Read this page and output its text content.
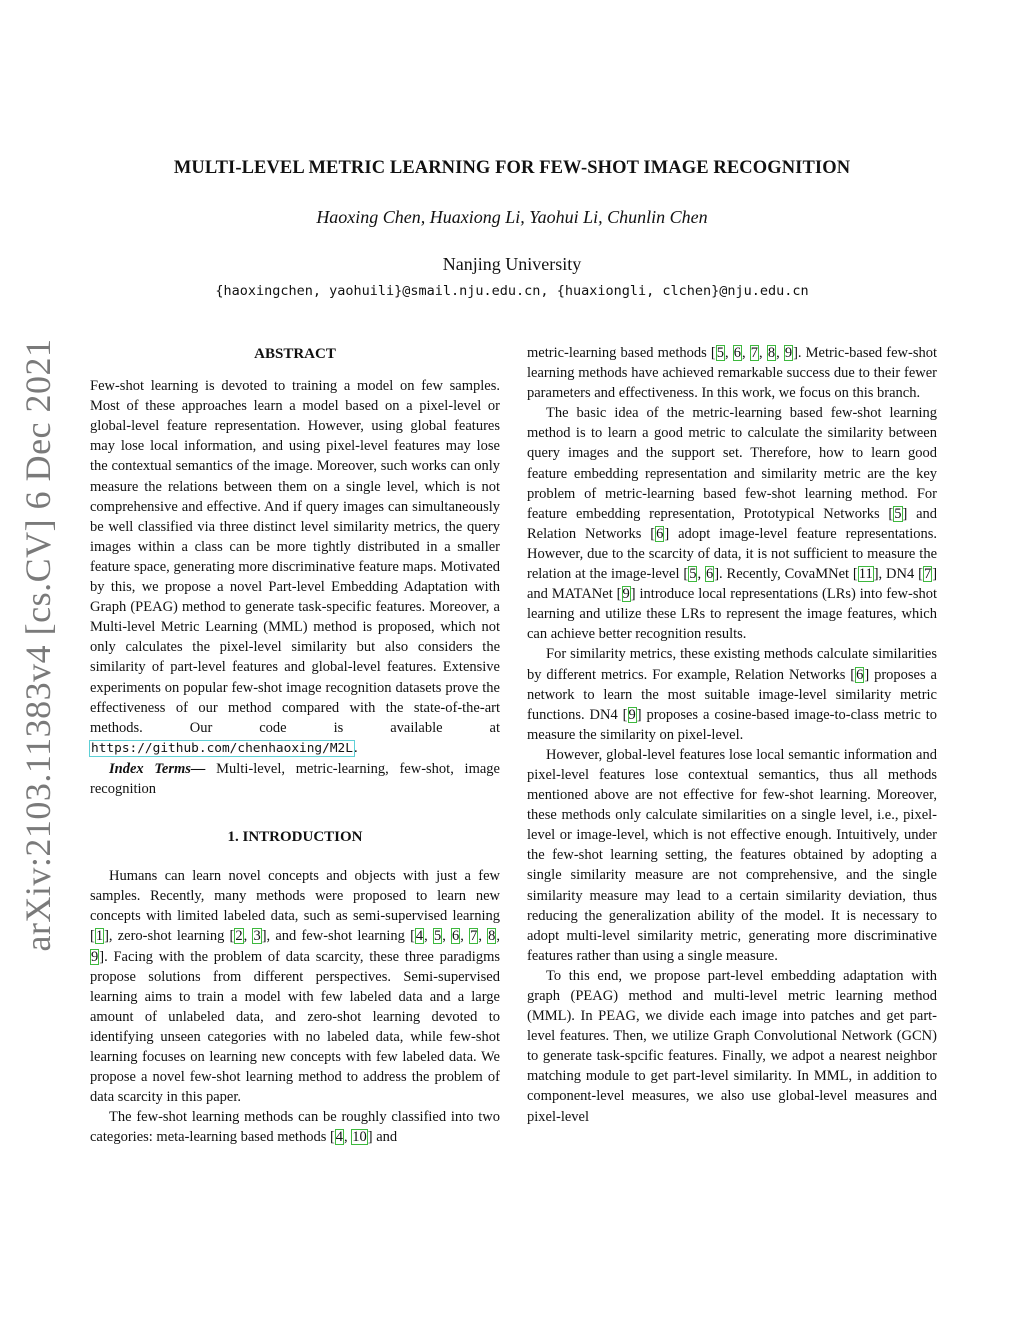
arXiv:2103.11383v4 [cs.CV] 6 Dec 2021
MULTI-LEVEL METRIC LEARNING FOR FEW-SHOT IMAGE RECOGNITION
Haoxing Chen, Huaxiong Li, Yaohui Li, Chunlin Chen
Nanjing University
{haoxingchen, yaohuili}@smail.nju.edu.cn, {huaxiongli, clchen}@nju.edu.cn
ABSTRACT

Few-shot learning is devoted to training a model on few samples. Most of these approaches learn a model based on a pixel-level or global-level feature representation. However, using global features may lose local information, and using pixel-level features may lose the contextual semantics of the image. Moreover, such works can only measure the relations between them on a single level, which is not comprehensive and effective. And if query images can simultaneously be well classified via three distinct level similarity metrics, the query images within a class can be more tightly distributed in a smaller feature space, generating more discriminative feature maps. Motivated by this, we propose a novel Part-level Embedding Adaptation with Graph (PEAG) method to generate task-specific features. Moreover, a Multi-level Metric Learning (MML) method is proposed, which not only calculates the pixel-level similarity but also considers the similarity of part-level features and global-level features. Extensive experiments on popular few-shot image recognition datasets prove the effectiveness of our method compared with the state-of-the-art methods. Our code is available at https://github.com/chenhaoxing/M2L.

Index Terms— Multi-level, metric-learning, few-shot, image recognition

1. INTRODUCTION

Humans can learn novel concepts and objects with just a few samples. Recently, many methods were proposed to learn new concepts with limited labeled data, such as semi-supervised learning [1], zero-shot learning [2, 3], and few-shot learning [4, 5, 6, 7, 8, 9]. Facing with the problem of data scarcity, these three paradigms propose solutions from different perspectives. Semi-supervised learning aims to train a model with few labeled data and a large amount of unlabeled data, and zero-shot learning devoted to identifying unseen categories with no labeled data, while few-shot learning focuses on learning new concepts with few labeled data. We propose a novel few-shot learning method to address the problem of data scarcity in this paper.

The few-shot learning methods can be roughly classified into two categories: meta-learning based methods [4, 10] and

metric-learning based methods [5, 6, 7, 8, 9]. Metric-based few-shot learning methods have achieved remarkable success due to their fewer parameters and effectiveness. In this work, we focus on this branch.

The basic idea of the metric-learning based few-shot learning method is to learn a good metric to calculate the similarity between query images and the support set. Therefore, how to learn good feature embedding representation and similarity metric are the key problem of metric-learning based few-shot learning method. For feature embedding representation, Prototypical Networks [5] and Relation Networks [6] adopt image-level feature representations. However, due to the scarcity of data, it is not sufficient to measure the relation at the image-level [5, 6]. Recently, CovaMNet [11], DN4 [7] and MATANet [9] introduce local representations (LRs) into few-shot learning and utilize these LRs to represent the image features, which can achieve better recognition results.

For similarity metrics, these existing methods calculate similarities by different metrics. For example, Relation Networks [6] proposes a network to learn the most suitable image-level similarity metric functions. DN4 [9] proposes a cosine-based image-to-class metric to measure the similarity on pixel-level.

However, global-level features lose local semantic information and pixel-level features lose contextual semantics, thus all methods mentioned above are not effective for few-shot learning. Moreover, these methods only calculate similarities on a single level, i.e., pixel-level or image-level, which is not effective enough. Intuitively, under the few-shot learning setting, the features obtained by adopting a single similarity measure are not comprehensive, and the single similarity measure may lead to a certain similarity deviation, thus reducing the generalization ability of the model. It is necessary to adopt multi-level similarity metric, generating more discriminative features rather than using a single measure.

To this end, we propose part-level embedding adaptation with graph (PEAG) method and multi-level metric learning method (MML). In PEAG, we divide each image into patches and get part-level features. Then, we utilize Graph Convolutional Network (GCN) to generate task-spcific features. Finally, we adpot a nearest neighbor matching module to get part-level similarity. In MML, in addition to component-level measures, we also use global-level measures and pixel-level
